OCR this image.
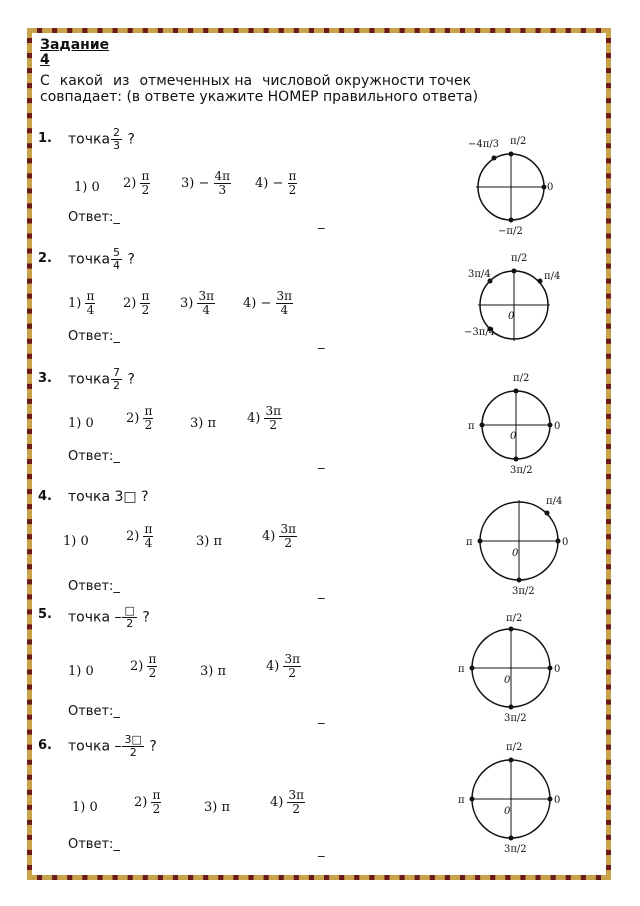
Задание 4
С какой из отмеченных на числовой окружности точек
совпадает: (в ответе укажите НОМЕР правильного ответа)
1. точка $\frac{2}{3}$ ?
1) 0 $2) \frac{\pi}{2} 3) - \frac{4\pi}{3} 4) - \frac{\pi}{2}$
Ответ:_	_
−4π/3 π/2
0
−π/2
2. точка $\frac{5}{4}$ ?
$1) \frac{\pi}{4} 2) \frac{\pi}{2} 3) \frac{3\pi}{4} 4) - \frac{3\pi}{4}$
Ответ:_	_
π/2
3π/4	π/4
0
−3π/4
3. точка $\frac{7}{2}$ ?
1) 0 $2) \frac{\pi}{2}$	3) π $4) \frac{3\pi}{2}$
Ответ:_	_
π/2
π	0
0
3π/2
4. точка 3□ ?
1) 0	$2) \frac{\pi}{4}$	3) π	$4) \frac{3\pi}{2}$
Ответ:_	_
π/4
π	0
0
3π/2
5. точка – $\frac{□}{2}$ ?
1) 0	$2) \frac{\pi}{2}$	3) π	$4) \frac{3\pi}{2}$
Ответ:_	_
π/2
π	0
0
3π/2
6. точка – $\frac{3□}{2}$ ?
1) 0	$2) \frac{\pi}{2}$	3) π	$4) \frac{3\pi}{2}$
Ответ:_	_
π/2
π	0
0
3π/2
